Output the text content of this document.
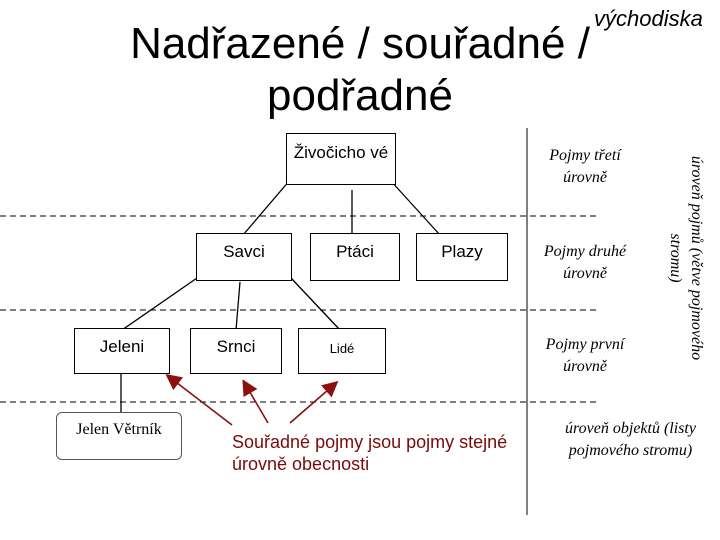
Nadřazené / souřadné /
podřadné
východiska
Živočicho vé
Savci	Ptáci	Plazy
Jeleni	Srnci	Lidé
Jelen Větrník
Souřadné pojmy jsou pojmy stejné úrovně obecnosti
Pojmy třetí úrovně
Pojmy druhé úrovně
Pojmy první úrovně
úroveň objektů (listy pojmového stromu)
úroveň pojmů (větve pojmového stromu)
